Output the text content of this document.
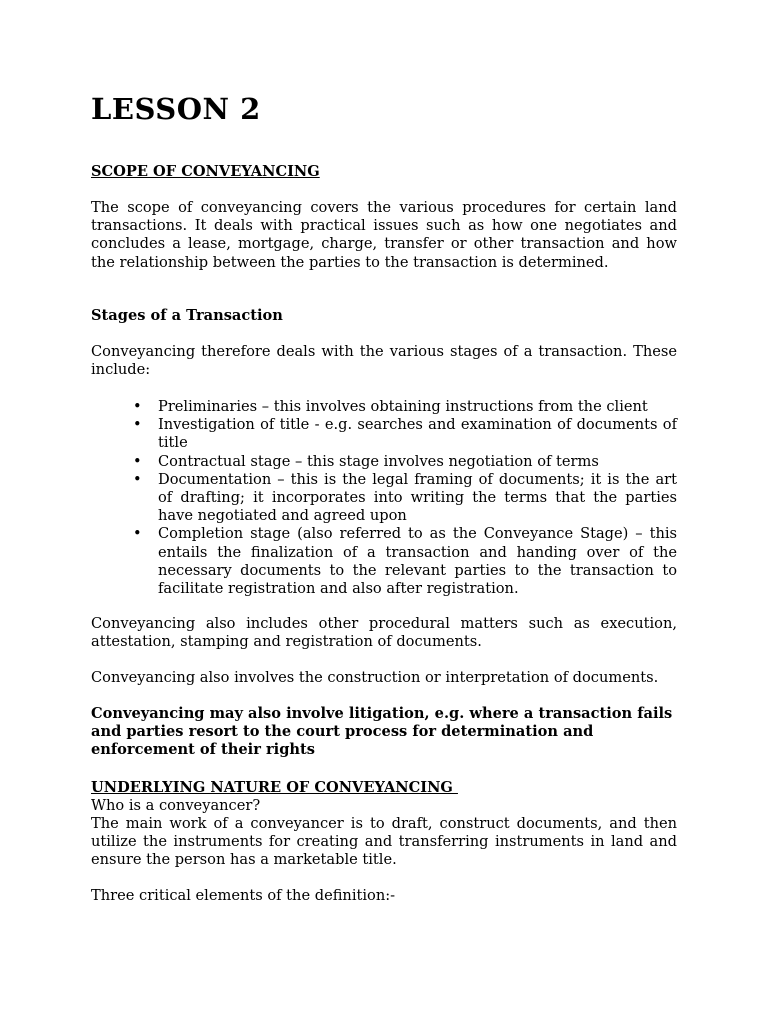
LESSON 2

SCOPE OF CONVEYANCING

The scope of conveyancing covers the various procedures for certain land transactions. It deals with practical issues such as how one negotiates and concludes a lease, mortgage, charge, transfer or other transaction and how the relationship between the parties to the transaction is determined.

Stages of a Transaction

Conveyancing therefore deals with the various stages of a transaction. These include:

• Preliminaries – this involves obtaining instructions from the client
• Investigation of title - e.g. searches and examination of documents of title
• Contractual stage – this stage involves negotiation of terms
• Documentation – this is the legal framing of documents; it is the art of drafting; it incorporates into writing the terms that the parties have negotiated and agreed upon
• Completion stage (also referred to as the Conveyance Stage) – this entails the finalization of a transaction and handing over of the necessary documents to the relevant parties to the transaction to facilitate registration and also after registration.

Conveyancing also includes other procedural matters such as execution, attestation, stamping and registration of documents.

Conveyancing also involves the construction or interpretation of documents.

Conveyancing may also involve litigation, e.g. where a transaction fails and parties resort to the court process for determination and enforcement of their rights

UNDERLYING NATURE OF CONVEYANCING

Who is a conveyancer?

The main work of a conveyancer is to draft, construct documents, and then utilize the instruments for creating and transferring instruments in land and ensure the person has a marketable title.

Three critical elements of the definition:-
